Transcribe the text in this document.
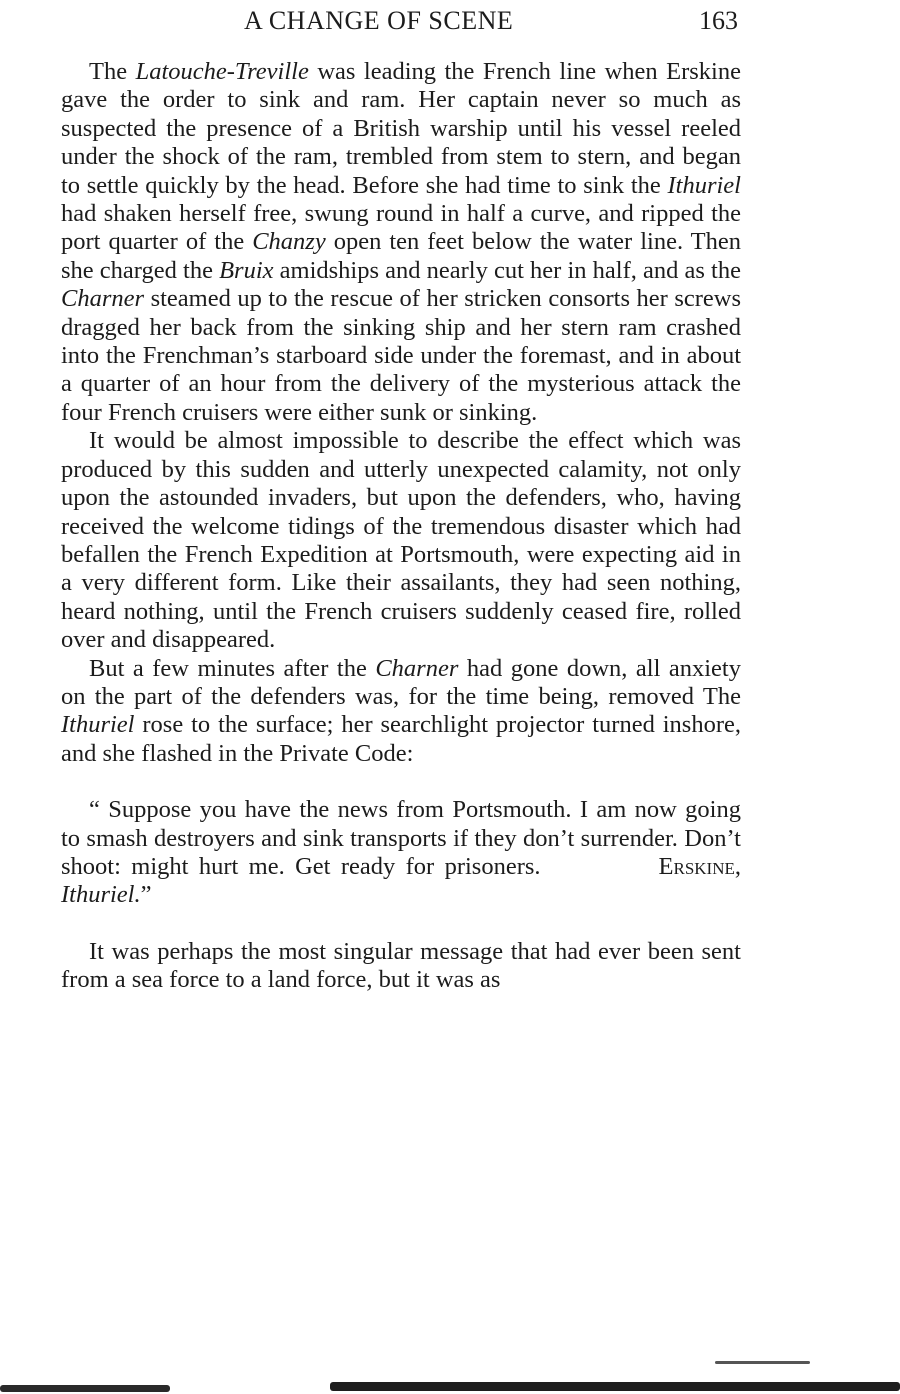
A CHANGE OF SCENE	163

The Latouche-Treville was leading the French line when Erskine gave the order to sink and ram. Her captain never so much as suspected the presence of a British warship until his vessel reeled under the shock of the ram, trembled from stem to stern, and began to settle quickly by the head. Before she had time to sink the Ithuriel had shaken herself free, swung round in half a curve, and ripped the port quarter of the Chanzy open ten feet below the water line. Then she charged the Bruix amidships and nearly cut her in half, and as the Charner steamed up to the rescue of her stricken consorts her screws dragged her back from the sinking ship and her stern ram crashed into the Frenchman’s starboard side under the foremast, and in about a quarter of an hour from the delivery of the mysterious attack the four French cruisers were either sunk or sinking.

It would be almost impossible to describe the effect which was produced by this sudden and utterly unexpected calamity, not only upon the astounded invaders, but upon the defenders, who, having received the welcome tidings of the tremendous disaster which had befallen the French Expedition at Portsmouth, were expecting aid in a very different form. Like their assailants, they had seen nothing, heard nothing, until the French cruisers suddenly ceased fire, rolled over and disappeared.

But a few minutes after the Charner had gone down, all anxiety on the part of the defenders was, for the time being, removed The Ithuriel rose to the surface; her searchlight projector turned inshore, and she flashed in the Private Code:

“ Suppose you have the news from Portsmouth. I am now going to smash destroyers and sink transports if they don’t surrender. Don’t shoot: might hurt me. Get ready for prisoners.	Erskine, Ithuriel.”

It was perhaps the most singular message that had ever been sent from a sea force to a land force, but it was as
